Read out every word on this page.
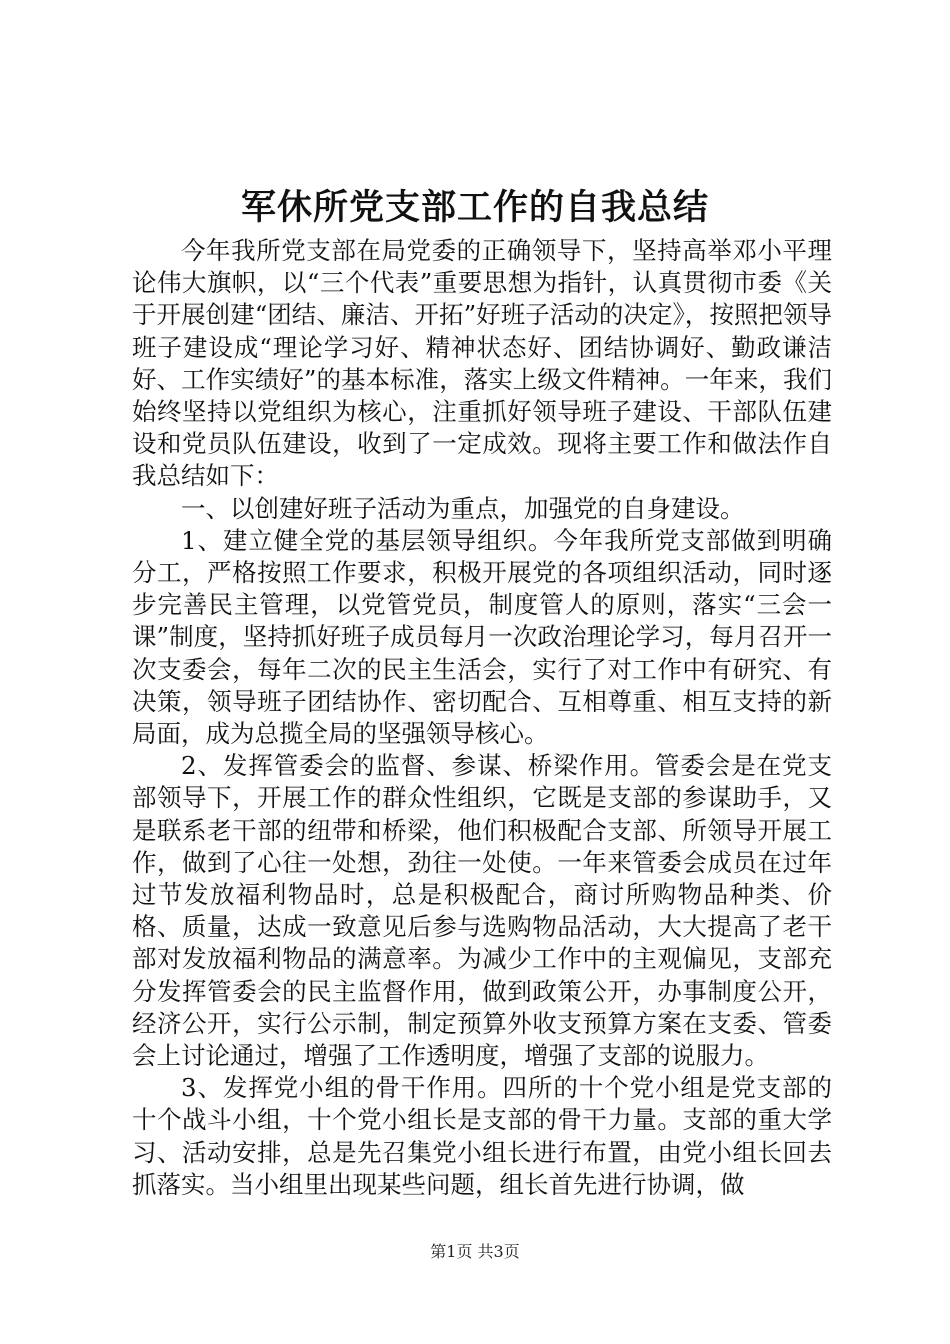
军休所党支部工作的自我总结

今年我所党支部在局党委的正确领导下，坚持高举邓小平理论伟大旗帜，以“三个代表”重要思想为指针，认真贯彻市委《关于开展创建“团结、廉洁、开拓”好班子活动的决定》，按照把领导班子建设成“理论学习好、精神状态好、团结协调好、勤政谦洁好、工作实绩好”的基本标准，落实上级文件精神。一年来，我们始终坚持以党组织为核心，注重抓好领导班子建设、干部队伍建设和党员队伍建设，收到了一定成效。现将主要工作和做法作自我总结如下：

一、以创建好班子活动为重点，加强党的自身建设。

1、建立健全党的基层领导组织。今年我所党支部做到明确分工，严格按照工作要求，积极开展党的各项组织活动，同时逐步完善民主管理，以党管党员，制度管人的原则，落实“三会一课”制度，坚持抓好班子成员每月一次政治理论学习，每月召开一次支委会，每年二次的民主生活会，实行了对工作中有研究、有决策，领导班子团结协作、密切配合、互相尊重、相互支持的新局面，成为总揽全局的坚强领导核心。

2、发挥管委会的监督、参谋、桥梁作用。管委会是在党支部领导下，开展工作的群众性组织，它既是支部的参谋助手，又是联系老干部的纽带和桥梁，他们积极配合支部、所领导开展工作，做到了心往一处想，劲往一处使。一年来管委会成员在过年过节发放福利物品时，总是积极配合，商讨所购物品种类、价格、质量，达成一致意见后参与选购物品活动，大大提高了老干部对发放福利物品的满意率。为减少工作中的主观偏见，支部充分发挥管委会的民主监督作用，做到政策公开，办事制度公开，经济公开，实行公示制，制定预算外收支预算方案在支委、管委会上讨论通过，增强了工作透明度，增强了支部的说服力。

3、发挥党小组的骨干作用。四所的十个党小组是党支部的十个战斗小组，十个党小组长是支部的骨干力量。支部的重大学习、活动安排，总是先召集党小组长进行布置，由党小组长回去抓落实。当小组里出现某些问题，组长首先进行协调，做

第1页 共3页
